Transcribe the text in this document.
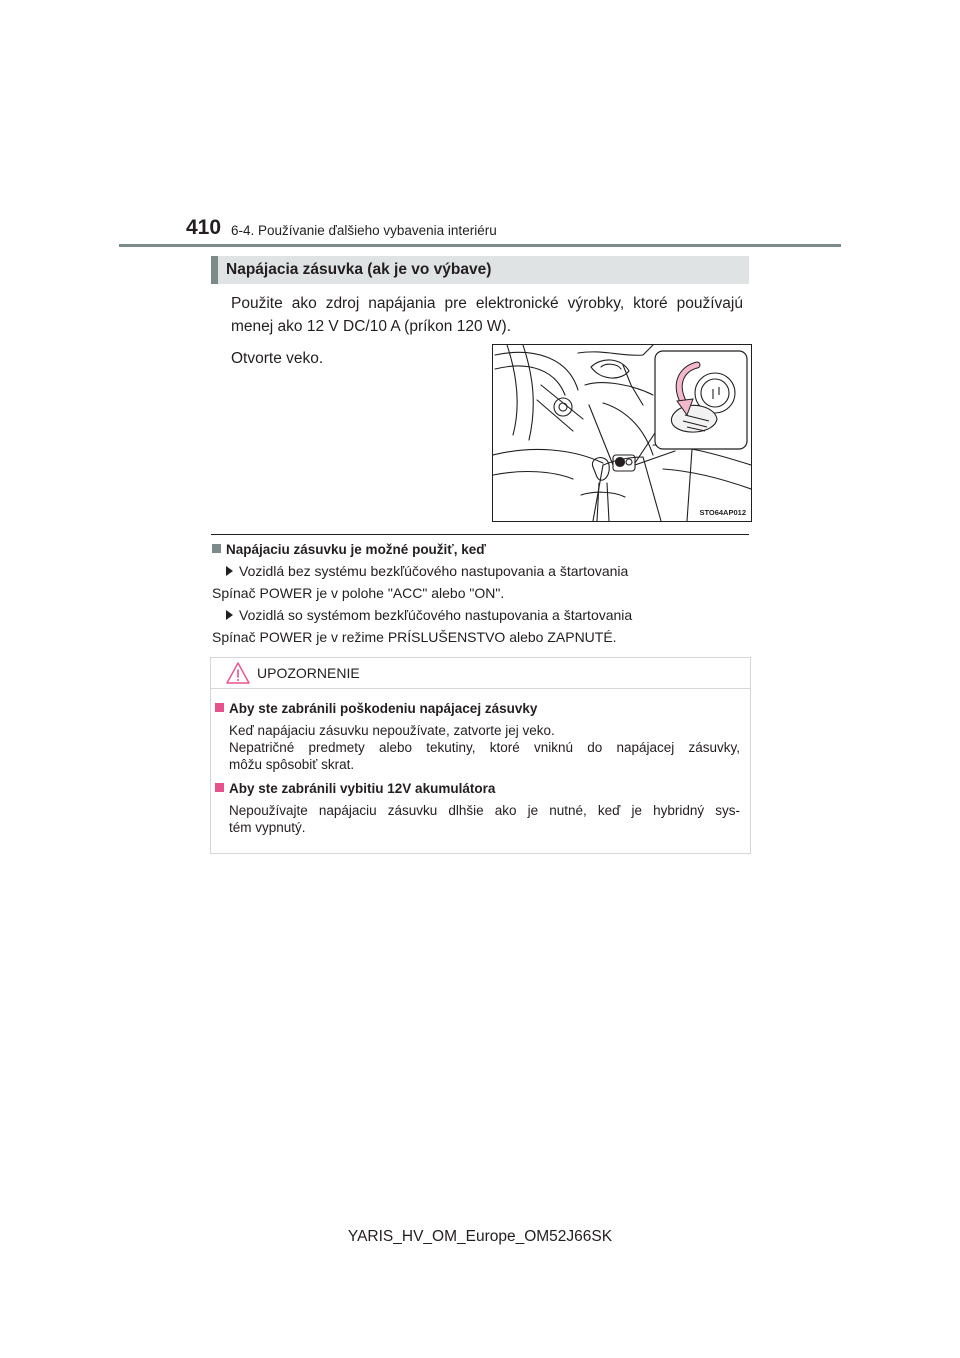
410 6-4. Používanie ďalšieho vybavenia interiéru
Napájacia zásuvka (ak je vo výbave)
Použite ako zdroj napájania pre elektronické výrobky, ktoré používajú
menej ako 12 V DC/10 A (príkon 120 W).
Otvorte veko.
STO64AP012
Napájaciu zásuvku je možné použiť, keď
Vozidlá bez systému bezkľúčového nastupovania a štartovania
Spínač POWER je v polohe "ACC" alebo "ON".
Vozidlá so systémom bezkľúčového nastupovania a štartovania
Spínač POWER je v režime PRÍSLUŠENSTVO alebo ZAPNUTÉ.
UPOZORNENIE
Aby ste zabránili poškodeniu napájacej zásuvky
Keď napájaciu zásuvku nepoužívate, zatvorte jej veko.
Nepatričné predmety alebo tekutiny, ktoré vniknú do napájacej zásuvky,
môžu spôsobiť skrat.
Aby ste zabránili vybitiu 12V akumulátora
Nepoužívajte napájaciu zásuvku dlhšie ako je nutné, keď je hybridný sys-
tém vypnutý.
YARIS_HV_OM_Europe_OM52J66SK
